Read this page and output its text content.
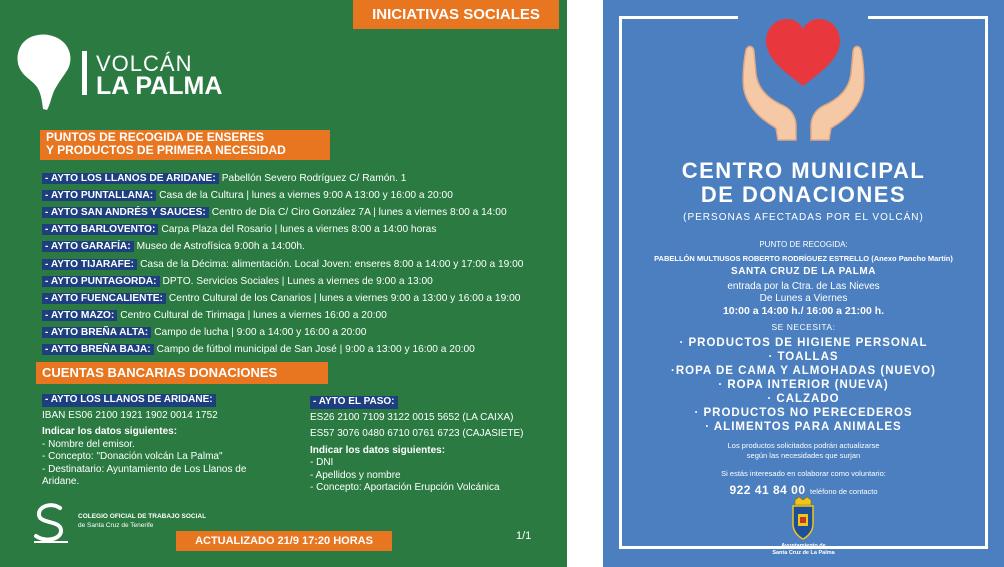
INICIATIVAS SOCIALES
VOLCÁN
LA PALMA
PUNTOS DE RECOGIDA DE ENSERES
Y PRODUCTOS DE PRIMERA NECESIDAD
- AYTO LOS LLANOS DE ARIDANE: Pabellón Severo Rodríguez C/ Ramón. 1
- AYTO PUNTALLANA: Casa de la Cultura | lunes a viernes 9:00 A 13:00 y 16:00 a 20:00
- AYTO SAN ANDRÉS Y SAUCES: Centro de Día C/ Ciro González 7A | lunes a viernes 8:00 a 14:00
- AYTO BARLOVENTO: Carpa Plaza del Rosario | lunes a viernes 8:00 a 14:00 horas
- AYTO GARAFÍA: Museo de Astrofísica 9:00h a 14:00h.
- AYTO TIJARAFE: Casa de la Décima: alimentación. Local Joven: enseres 8:00 a 14:00 y 17:00 a 19:00
- AYTO PUNTAGORDA: DPTO. Servicios Sociales | Lunes a viernes de 9:00 a 13:00
- AYTO FUENCALIENTE: Centro Cultural de los Canarios | lunes a viernes 9:00 a 13:00 y 16:00 a 19:00
- AYTO MAZO: Centro Cultural de Tirimaga | lunes a viernes 16:00 a 20:00
- AYTO BREÑA ALTA: Campo de lucha | 9:00 a 14:00 y 16:00 a 20:00
- AYTO BREÑA BAJA: Campo de fútbol municipal de San José | 9:00 a 13:00 y 16:00 a 20:00
CUENTAS BANCARIAS DONACIONES
- AYTO LOS LLANOS DE ARIDANE:
IBAN ES06 2100 1921 1902 0014 1752
Indicar los datos siguientes:
- Nombre del emisor.
- Concepto: "Donación volcán La Palma"
- Destinatario: Ayuntamiento de Los Llanos de Aridane.
- AYTO EL PASO:
ES26 2100 7109 3122 0015 5652 (LA CAIXA)
ES57 3076 0480 6710 0761 6723 (CAJASIETE)
Indicar los datos siguientes:
- DNI
- Apellidos y nombre
- Concepto: Aportación Erupción Volcánica
COLEGIO OFICIAL DE TRABAJO SOCIAL
de Santa Cruz de Tenerife
ACTUALIZADO 21/9 17:20 HORAS	1/1
CENTRO MUNICIPAL
DE DONACIONES
(PERSONAS AFECTADAS POR EL VOLCÁN)
PUNTO DE RECOGIDA:
PABELLÓN MULTIUSOS ROBERTO RODRÍGUEZ ESTRELLO (Anexo Pancho Martín)
SANTA CRUZ DE LA PALMA
entrada por la Ctra. de Las Nieves
De Lunes a Viernes
10:00 a 14:00 h./ 16:00 a 21:00 h.
SE NECESITA:
· PRODUCTOS DE HIGIENE PERSONAL
· TOALLAS
·ROPA DE CAMA Y ALMOHADAS (NUEVO)
· ROPA INTERIOR (NUEVA)
· CALZADO
· PRODUCTOS NO PERECEDEROS
· ALIMENTOS PARA ANIMALES
Los productos solicitados podrán actualizarse
según las necesidades que surjan
Si estás interesado en colaborar como voluntario:
922 41 84 00 teléfono de contacto
Ayuntamiento de
Santa Cruz de La Palma
